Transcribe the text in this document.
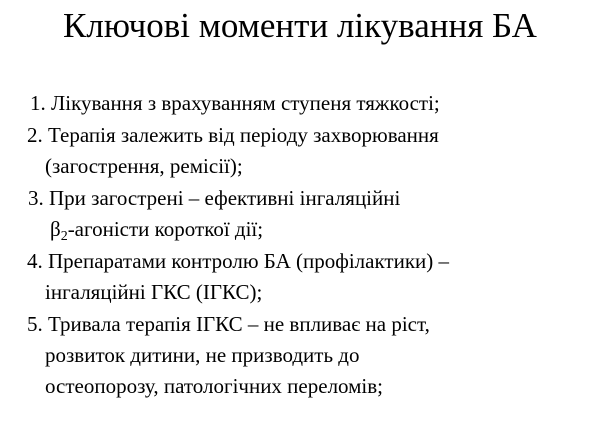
Ключові моменти лікування БА
1. Лікування з врахуванням ступеня тяжкості;
2. Терапія залежить від періоду захворювання
(загострення, ремісії);
3. При загострені – ефективні інгаляційні
β2-агоністи короткої дії;
4. Препаратами контролю БА (профілактики) –
інгаляційні ГКС (ІГКС);
5. Тривала терапія ІГКС – не впливає на ріст,
розвиток дитини, не призводить до
остеопорозу, патологічних переломів;
